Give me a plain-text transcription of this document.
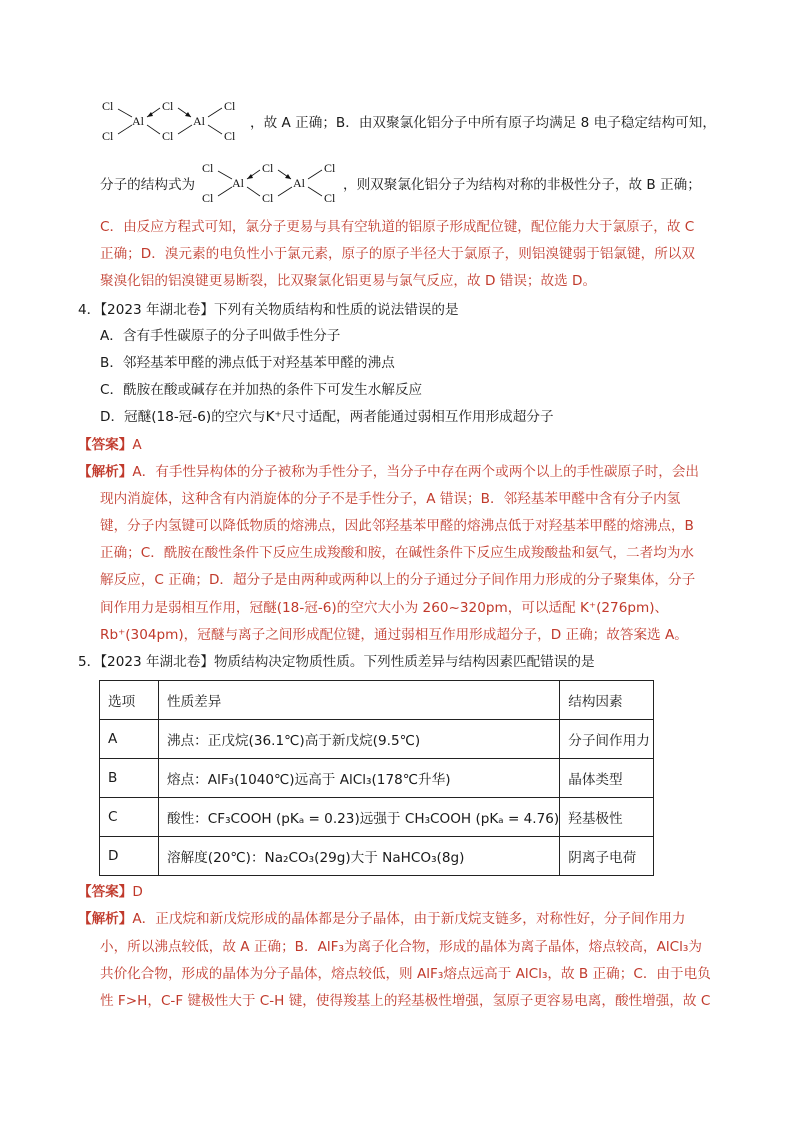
Cl
Cl
Cl
Cl
Cl
Cl
Al	Al	，故 A 正确；B．由双聚氯化铝分子中所有原子均满足 8 电子稳定结构可知，
分子的结构式为
Cl
Cl
Cl
Cl
Cl
Cl
Al	Al	，则双聚氯化铝分子为结构对称的非极性分子，故 B 正确；
C．由反应方程式可知，氯分子更易与具有空轨道的铝原子形成配位键，配位能力大于氯原子，故 C
正确；D．溴元素的电负性小于氯元素，原子的原子半径大于氯原子，则铝溴键弱于铝氯键，所以双
聚溴化铝的铝溴键更易断裂，比双聚氯化铝更易与氯气反应，故 D 错误；故选 D。
4．【2023 年湖北卷】下列有关物质结构和性质的说法错误的是
A．含有手性碳原子的分子叫做手性分子
B．邻羟基苯甲醛的沸点低于对羟基苯甲醛的沸点
C．酰胺在酸或碱存在并加热的条件下可发生水解反应
D．冠醚(18-冠-6)的空穴与K⁺尺寸适配，两者能通过弱相互作用形成超分子
【答案】A
【解析】A．有手性异构体的分子被称为手性分子，当分子中存在两个或两个以上的手性碳原子时，会出
现内消旋体，这种含有内消旋体的分子不是手性分子，A 错误；B．邻羟基苯甲醛中含有分子内氢
键，分子内氢键可以降低物质的熔沸点，因此邻羟基苯甲醛的熔沸点低于对羟基苯甲醛的熔沸点，B
正确；C．酰胺在酸性条件下反应生成羧酸和胺，在碱性条件下反应生成羧酸盐和氨气，二者均为水
解反应，C 正确；D．超分子是由两种或两种以上的分子通过分子间作用力形成的分子聚集体，分子
间作用力是弱相互作用，冠醚(18-冠-6)的空穴大小为 260~320pm，可以适配 K⁺(276pm)、
Rb⁺(304pm)，冠醚与离子之间形成配位键，通过弱相互作用形成超分子，D 正确；故答案选 A。
5．【2023 年湖北卷】物质结构决定物质性质。下列性质差异与结构因素匹配错误的是
选项	性质差异	结构因素
A	沸点：正戊烷(36.1℃)高于新戊烷(9.5℃)	分子间作用力
B	熔点：AlF₃(1040℃)远高于 AlCl₃(178℃升华)	晶体类型
C	酸性：CF₃COOH (pKₐ = 0.23)远强于 CH₃COOH (pKₐ = 4.76)	羟基极性
D	溶解度(20℃)：Na₂CO₃(29g)大于 NaHCO₃(8g)	阴离子电荷
【答案】D
【解析】A．正戊烷和新戊烷形成的晶体都是分子晶体，由于新戊烷支链多，对称性好，分子间作用力
小，所以沸点较低，故 A 正确；B．AlF₃为离子化合物，形成的晶体为离子晶体，熔点较高，AlCl₃为
共价化合物，形成的晶体为分子晶体，熔点较低，则 AlF₃熔点远高于 AlCl₃，故 B 正确；C．由于电负
性 F>H，C-F 键极性大于 C-H 键，使得羧基上的羟基极性增强，氢原子更容易电离，酸性增强，故 C
